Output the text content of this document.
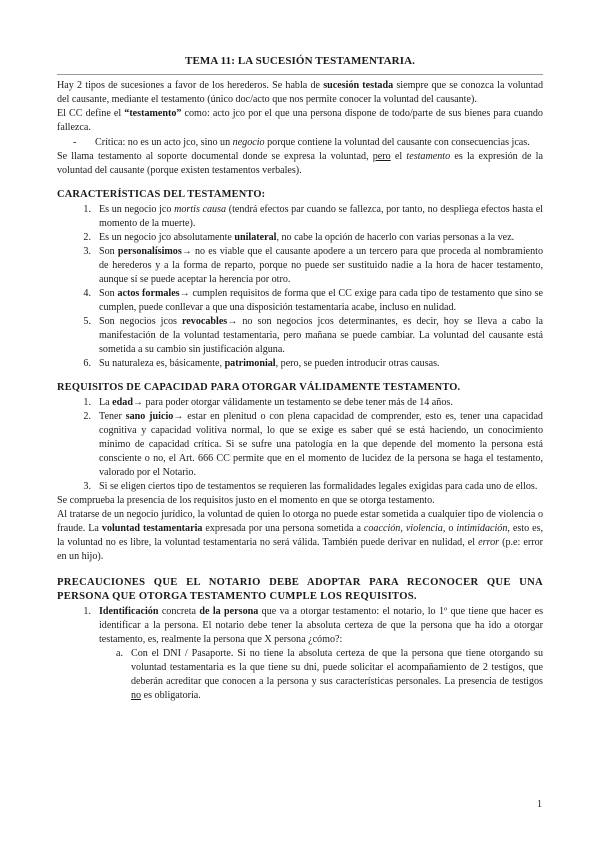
TEMA 11: LA SUCESIÓN TESTAMENTARIA.

Hay 2 tipos de sucesiones a favor de los herederos. Se habla de sucesión testada siempre que se conozca la voluntad del causante, mediante el testamento (único doc/acto que nos permite conocer la voluntad del causante).

El CC define el “testamento” como: acto jco por el que una persona dispone de todo/parte de sus bienes para cuando fallezca.

-	Crítica: no es un acto jco, sino un negocio porque contiene la voluntad del causante con consecuencias jcas.

Se llama testamento al soporte documental donde se expresa la voluntad, pero el testamento es la expresión de la voluntad del causante (porque existen testamentos verbales).

CARACTERÍSTICAS DEL TESTAMENTO:
1. Es un negocio jco mortis causa (tendrá efectos par cuando se fallezca, por tanto, no despliega efectos hasta el momento de la muerte).
2. Es un negocio jco absolutamente unilateral, no cabe la opción de hacerlo con varias personas a la vez.
3. Son personalísimos→ no es viable que el causante apodere a un tercero para que proceda al nombramiento de herederos y a la forma de reparto, porque no puede ser sustituido nadie a la hora de hacer testamento, aunque sí se puede aceptar la herencia por otro.
4. Son actos formales→ cumplen requisitos de forma que el CC exige para cada tipo de testamento que sino se cumplen, puede conllevar a que una disposición testamentaria acabe, incluso en nulidad.
5. Son negocios jcos revocables→ no son negocios jcos determinantes, es decir, hoy se lleva a cabo la manifestación de la voluntad testamentaria, pero mañana se puede cambiar. La voluntad del causante está sometida a su cambio sin justificación alguna.
6. Su naturaleza es, básicamente, patrimonial, pero, se pueden introducir otras causas.
REQUISITOS DE CAPACIDAD PARA OTORGAR VÁLIDAMENTE TESTAMENTO.
1. La edad→ para poder otorgar válidamente un testamento se debe tener más de 14 años.
2. Tener sano juicio→ estar en plenitud o con plena capacidad de comprender, esto es, tener una capacidad cognitiva y capacidad volitiva normal, lo que se exige es saber qué se está haciendo, un conocimiento mínimo de capacidad crítica. Si se sufre una patología en la que depende del momento la persona está consciente o no, el Art. 666 CC permite que en el momento de lucidez de la persona se haga el testamento, valorado por el Notario.
3. Si se eligen ciertos tipo de testamentos se requieren las formalidades legales exigidas para cada uno de ellos.

Se comprueba la presencia de los requisitos justo en el momento en que se otorga testamento.

Al tratarse de un negocio jurídico, la voluntad de quien lo otorga no puede estar sometida a cualquier tipo de violencia o fraude. La voluntad testamentaria expresada por una persona sometida a coacción, violencia, o intimidación, esto es, la voluntad no es libre, la voluntad testamentaria no será válida. También puede derivar en nulidad, el error (p.e: error en un hijo).

PRECAUCIONES QUE EL NOTARIO DEBE ADOPTAR PARA RECONOCER QUE UNA PERSONA QUE OTORGA TESTAMENTO CUMPLE LOS REQUISITOS.
1. Identificación concreta de la persona que va a otorgar testamento: el notario, lo 1º que tiene que hacer es identificar a la persona. El notario debe tener la absoluta certeza de que la persona que ha ido a otorgar testamento, es, realmente la persona que X persona ¿cómo?:
a. Con el DNI / Pasaporte. Si no tiene la absoluta certeza de que la persona que tiene otorgando su voluntad testamentaria es la que tiene su dni, puede solicitar el acompañamiento de 2 testigos, que deberán acreditar que conocen a la persona y sus características personales. La presencia de testigos no es obligatoria.
1
